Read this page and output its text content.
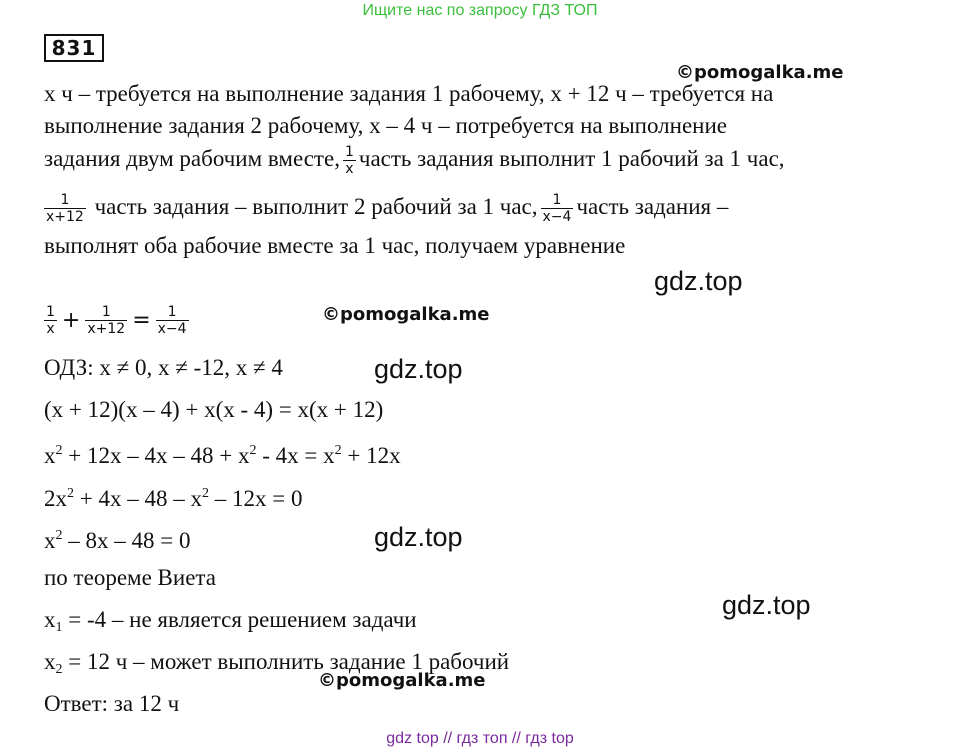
Ищите нас по запросу ГДЗ ТОП
831
©pomogalka.me
x ч – требуется на выполнение задания 1 рабочему, x + 12 ч – требуется на
выполнение задания 2 рабочему, x – 4 ч – потребуется на выполнение
задания двум рабочим вместе, $\frac{1}{x}$ часть задания выполнит 1 рабочий за 1 час,
$\frac{1}{x+12}$ часть задания – выполнит 2 рабочий за 1 час, $\frac{1}{x-4}$ часть задания –
выполнят оба рабочие вместе за 1 час, получаем уравнение
gdz.top
$\frac{1}{x} + \frac{1}{x+12} = \frac{1}{x-4}$	©pomogalka.me
ОДЗ: x ≠ 0, x ≠ -12, x ≠ 4	gdz.top
(x + 12)(x – 4) + x(x - 4) = x(x + 12)
$x^2 + 12x - 4x - 48 + x^2 - 4x = x^2 + 12x$
$2x^2 + 4x - 48 - x^2 - 12x = 0$
$x^2 - 8x - 48 = 0$	gdz.top
по теореме Виета
gdz.top
$x_1 = -4$ – не является решением задачи
$x_2 = 12$ ч – может выполнить задание 1 рабочий
©pomogalka.me
Ответ: за 12 ч
gdz top // гдз топ // гдз top
